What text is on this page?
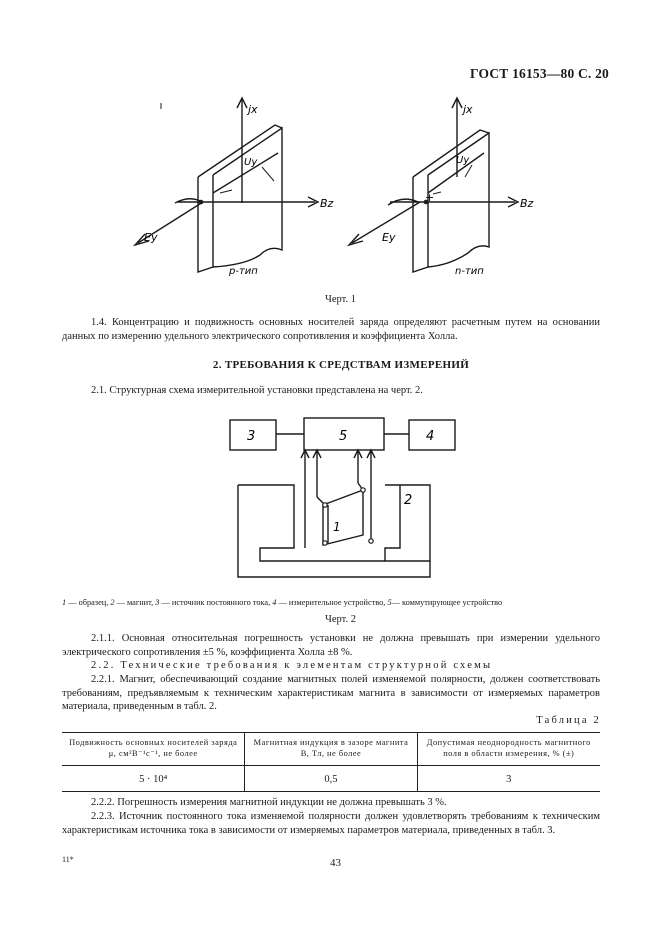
ГОСТ 16153—80 С. 20
jx
Uy
Bz
Ey
p-тип
jx
Uy
Bz
Ey
+
n-тип
Черт. 1
1.4. Концентрацию и подвижность основных носителей заряда определяют расчетным путем на основании данных по измерению удельного электрического сопротивления и коэффициента Холла.
2. ТРЕБОВАНИЯ К СРЕДСТВАМ ИЗМЕРЕНИЙ
2.1. Структурная схема измерительной установки представлена на черт. 2.
3	5	4
1
2
1 — образец, 2 — магнит, 3 — источник постоянного тока, 4 — измерительное устройство, 5— коммутирующее устройство
Черт. 2
2.1.1. Основная относительная погрешность установки не должна превышать при измерении удельного электрического сопротивления ±5 %, коэффициента Холла ±8 %.
2.2. Технические требования к элементам структурной схемы
2.2.1. Магнит, обеспечивающий создание магнитных полей изменяемой полярности, должен соответствовать требованиям, предъявляемым к техническим характеристикам магнита в зависимости от измеряемых параметров материала, приведенным в табл. 2.
Таблица 2
Подвижность основных носителей заряда μ, см²В⁻¹с⁻¹, не более	Магнитная индукция в зазоре магнита B, Тл, не более	Допустимая неоднородность магнитного поля в области измерения, % (±)
5 · 10⁴	0,5	3
2.2.2. Погрешность измерения магнитной индукции не должна превышать 3 %.
2.2.3. Источник постоянного тока изменяемой полярности должен удовлетворять требованиям к техническим характеристикам источника тока в зависимости от измеряемых параметров материала, приведенных в табл. 3.
11*	43
